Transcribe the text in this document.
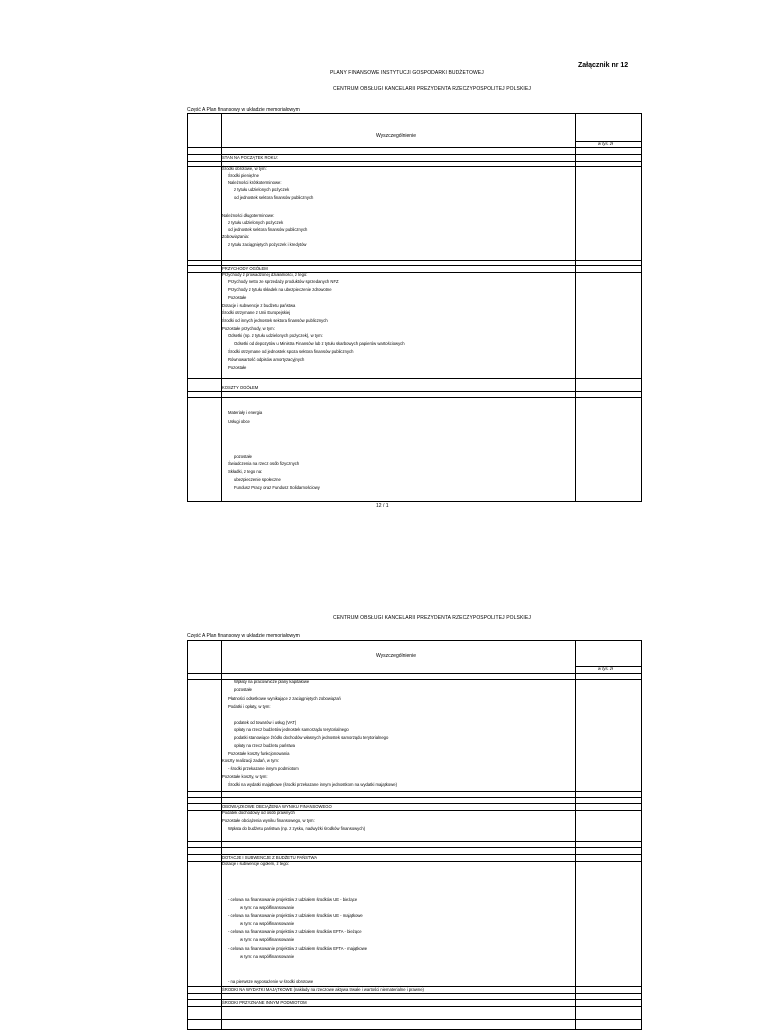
Załącznik nr 12
PLANY FINANSOWE INSTYTUCJI GOSPODARKI BUDŻETOWEJ
CENTRUM OBSŁUGI KANCELARII PREZYDENTA RZECZYPOSPOLITEJ POLSKIEJ
Część A Plan finansowy w układzie memoriałowym
Wyszczególnienie
w tys. zł
STAN NA POCZĄTEK ROKU:
Środki obrotowe, w tym:
Środki pieniężne
Należności krótkoterminowe:
z tytułu udzielonych pożyczek
od jednostek sektora finansów publicznych
Należności długoterminowe:
z tytułu udzielonych pożyczek
od jednostek sektora finansów publicznych
Zobowiązania:
z tytułu zaciągniętych pożyczek i kredytów
PRZYCHODY OGÓŁEM
Przychody z prowadzonej działalności, z tego:
Przychody netto ze sprzedaży produktów sprzedanych NFZ
Przychody z tytułu składek na ubezpieczenie zdrowotne
Pozostałe
Dotacje i subwencje z budżetu państwa
Środki otrzymane z Unii Europejskiej
Środki od innych jednostek sektora finansów publicznych
Pozostałe przychody, w tym:
Odsetki (np. z tytułu udzielonych pożyczek), w tym:
Odsetki od depozytów u Ministra Finansów lub z tytułu skarbowych papierów wartościowych
Środki otrzymane od jednostek spoza sektora finansów publicznych
Równowartość odpisów amortyzacyjnych
Pozostałe
KOSZTY OGÓŁEM
Materiały i energia
Usługi obce
pozostałe
Świadczenia na rzecz osób fizycznych
Składki, z tego na:
ubezpieczenie społeczne
Fundusz Pracy oraz Fundusz Solidarnościowy
12 / 1
CENTRUM OBSŁUGI KANCELARII PREZYDENTA RZECZYPOSPOLITEJ POLSKIEJ
Część A Plan finansowy w układzie memoriałowym
Wyszczególnienie
w tys. zł
Wpłaty na pracownicze plany kapitałowe
pozostałe
Płatności odsetkowe wynikające z zaciągniętych zobowiązań
Podatki i opłaty, w tym:
podatek od towarów i usług (VAT)
opłaty na rzecz budżetów jednostek samorządu terytorialnego
podatki stanowiące źródło dochodów własnych jednostek samorządu terytorialnego
opłaty na rzecz budżetu państwa
Pozostałe koszty funkcjonowania
Koszty realizacji zadań, w tym:
- środki przekazane innym podmiotom
Pozostałe koszty, w tym:
Środki na wydatki majątkowe (środki przekazane innym jednostkom na wydatki majątkowe)
OBOWIĄZKOWE OBCIĄŻENIA WYNIKU FINANSOWEGO
Podatek dochodowy od osób prawnych
Pozostałe obciążenia wyniku finansowego, w tym:
Wpłata do budżetu państwa (np. z zysku, nadwyżki środków finansowych)
DOTACJE I SUBWENCJE Z BUDŻETU PAŃSTWA
Dotacje i subwencje ogółem, z tego:
- celowa na finansowanie projektów z udziałem środków UE - bieżące
w tym: na współfinansowanie
- celowa na finansowanie projektów z udziałem środków UE - majątkowe
w tym: na współfinansowanie
- celowa na finansowanie projektów z udziałem środków EFTA - bieżące
w tym: na współfinansowanie
- celowa na finansowanie projektów z udziałem środków EFTA - majątkowe
w tym: na współfinansowanie
- na pierwsze wyposażenie w środki obrotowe
ŚRODKI NA WYDATKI MAJĄTKOWE (nakłady na rzeczowe aktywa trwałe i wartości niematerialne i prawne)
ŚRODKI PRZYZNANE INNYM PODMIOTOM
